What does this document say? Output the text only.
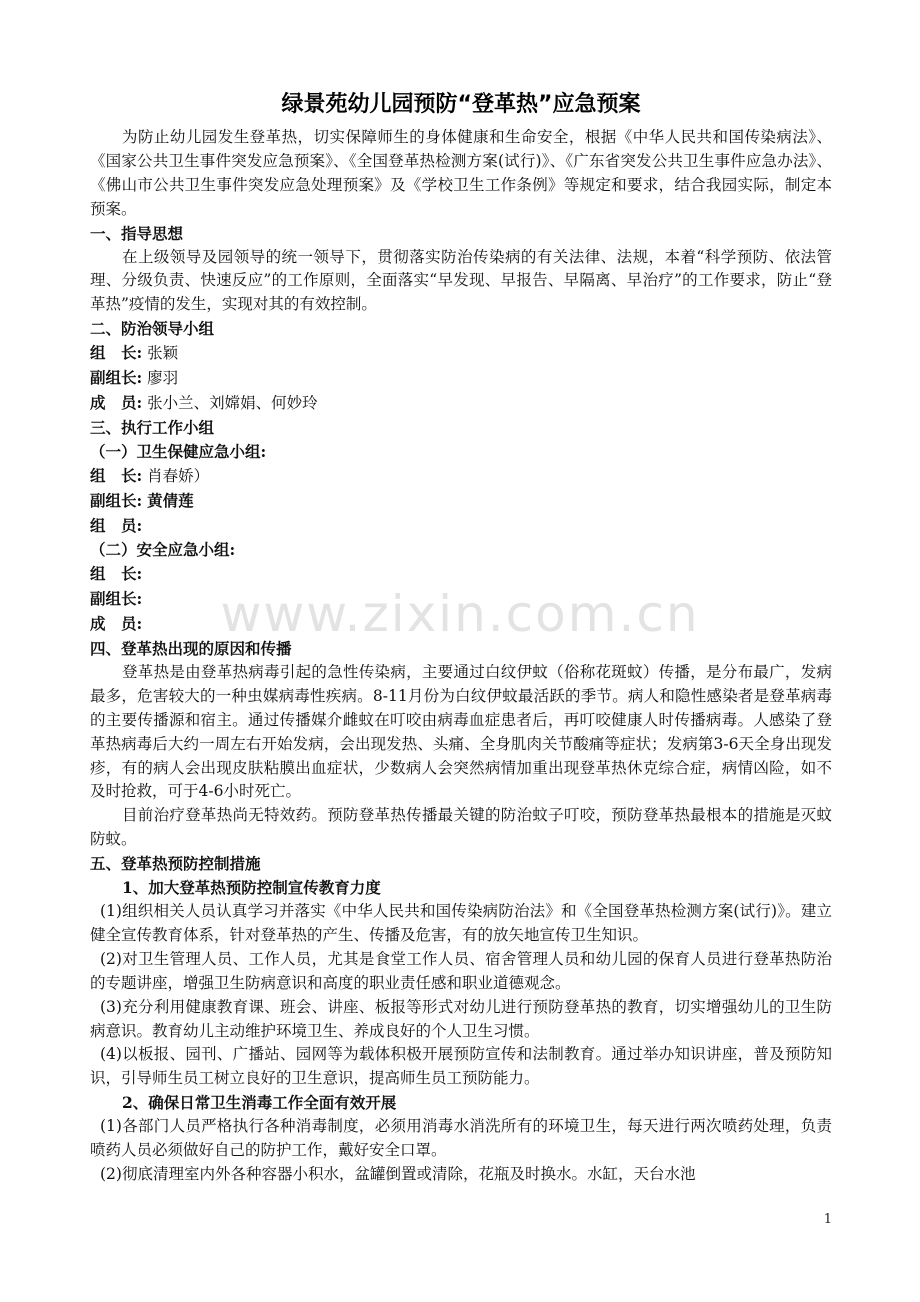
www.zixin.com.cn
绿景苑幼儿园预防“登革热”应急预案

为防止幼儿园发生登革热，切实保障师生的身体健康和生命安全，根据《中华人民共和国传染病法》、《国家公共卫生事件突发应急预案》、《全国登革热检测方案(试行)》、《广东省突发公共卫生事件应急办法》、《佛山市公共卫生事件突发应急处理预案》及《学校卫生工作条例》等规定和要求，结合我园实际，制定本预案。

一、指导思想

在上级领导及园领导的统一领导下，贯彻落实防治传染病的有关法律、法规，本着“科学预防、依法管理、分级负责、快速反应”的工作原则，全面落实“早发现、早报告、早隔离、早治疗”的工作要求，防止“登革热”疫情的发生，实现对其的有效控制。

二、防治领导小组

组　长: 张颖

副组长: 廖羽

成　员: 张小兰、刘嫦娟、何妙玲

三、执行工作小组

（一）卫生保健应急小组:

组　长: 肖春娇）

副组长: 黄倩莲

组　员:

（二）安全应急小组:

组　长:

副组长:

成　员:

四、登革热出现的原因和传播

登革热是由登革热病毒引起的急性传染病，主要通过白纹伊蚊（俗称花斑蚊）传播，是分布最广，发病最多，危害较大的一种虫媒病毒性疾病。8-11月份为白纹伊蚊最活跃的季节。病人和隐性感染者是登革病毒的主要传播源和宿主。通过传播媒介雌蚊在叮咬由病毒血症患者后，再叮咬健康人时传播病毒。人感染了登革热病毒后大约一周左右开始发病，会出现发热、头痛、全身肌肉关节酸痛等症状；发病第3-6天全身出现发疹，有的病人会出现皮肤粘膜出血症状，少数病人会突然病情加重出现登革热休克综合症，病情凶险，如不及时抢救，可于4-6小时死亡。

目前治疗登革热尚无特效药。预防登革热传播最关键的防治蚊子叮咬，预防登革热最根本的措施是灭蚊防蚊。

五、登革热预防控制措施

1、加大登革热预防控制宣传教育力度

(1)组织相关人员认真学习并落实《中华人民共和国传染病防治法》和《全国登革热检测方案(试行)》。建立健全宣传教育体系，针对登革热的产生、传播及危害，有的放矢地宣传卫生知识。

(2)对卫生管理人员、工作人员，尤其是食堂工作人员、宿舍管理人员和幼儿园的保育人员进行登革热防治的专题讲座，增强卫生防病意识和高度的职业责任感和职业道德观念。

(3)充分利用健康教育课、班会、讲座、板报等形式对幼儿进行预防登革热的教育，切实增强幼儿的卫生防病意识。教育幼儿主动维护环境卫生、养成良好的个人卫生习惯。

(4)以板报、园刊、广播站、园网等为载体积极开展预防宣传和法制教育。通过举办知识讲座，普及预防知识，引导师生员工树立良好的卫生意识，提高师生员工预防能力。

2、确保日常卫生消毒工作全面有效开展

(1)各部门人员严格执行各种消毒制度，必须用消毒水消洗所有的环境卫生，每天进行两次喷药处理，负责喷药人员必须做好自己的防护工作，戴好安全口罩。

(2)彻底清理室内外各种容器小积水，盆罐倒置或清除，花瓶及时换水。水缸，天台水池

1
